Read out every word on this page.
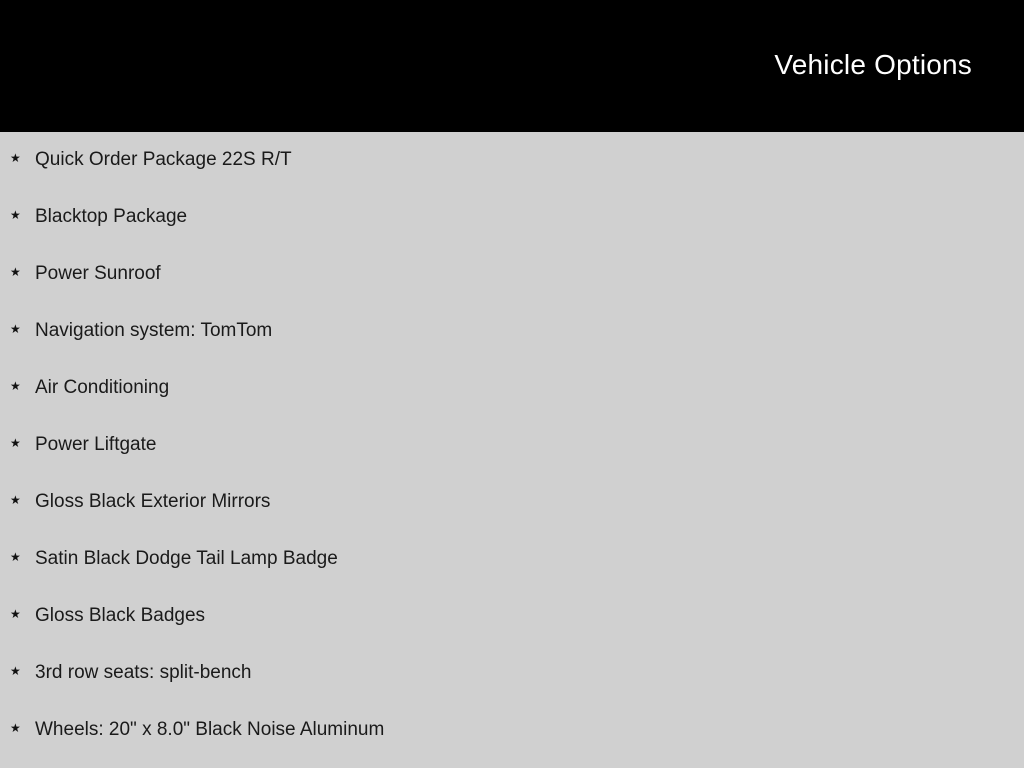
Vehicle Options
★ Quick Order Package 22S R/T
★ Blacktop Package
★ Power Sunroof
★ Navigation system: TomTom
★ Air Conditioning
★ Power Liftgate
★ Gloss Black Exterior Mirrors
★ Satin Black Dodge Tail Lamp Badge
★ Gloss Black Badges
★ 3rd row seats: split-bench
★ Wheels: 20" x 8.0" Black Noise Aluminum
